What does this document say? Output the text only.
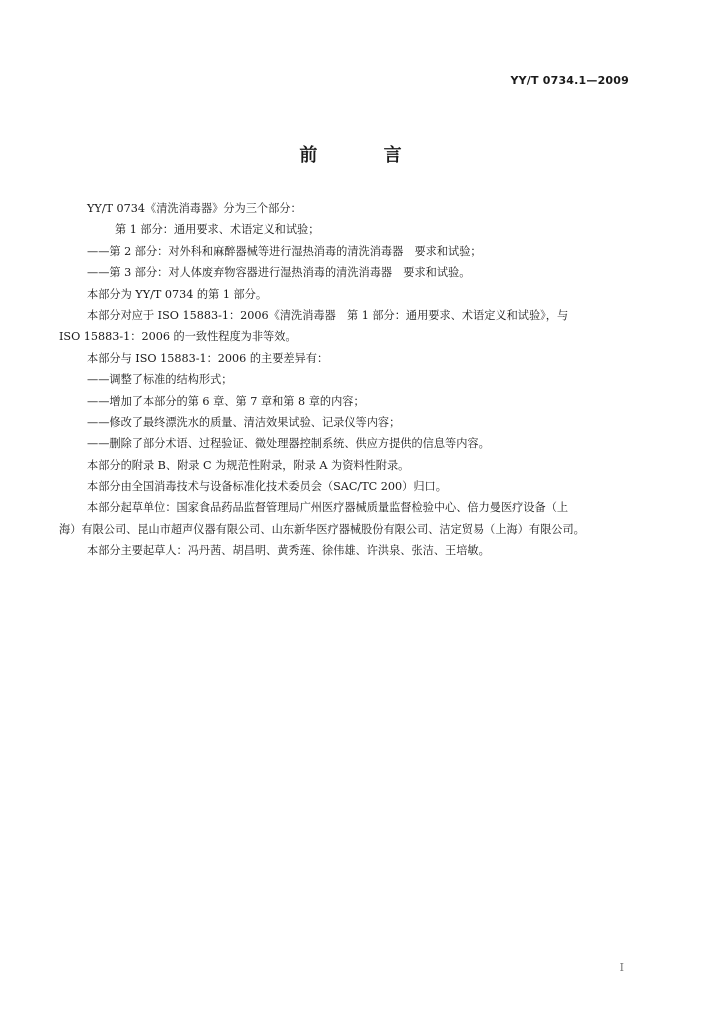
YY/T 0734.1—2009
前 言
YY/T 0734《清洗消毒器》分为三个部分：
第 1 部分：通用要求、术语定义和试验；
——第 2 部分：对外科和麻醉器械等进行湿热消毒的清洗消毒器　要求和试验；
——第 3 部分：对人体废弃物容器进行湿热消毒的清洗消毒器　要求和试验。
本部分为 YY/T 0734 的第 1 部分。
本部分对应于 ISO 15883-1：2006《清洗消毒器　第 1 部分：通用要求、术语定义和试验》，与
ISO 15883-1：2006 的一致性程度为非等效。
本部分与 ISO 15883-1：2006 的主要差异有：
——调整了标准的结构形式；
——增加了本部分的第 6 章、第 7 章和第 8 章的内容；
——修改了最终漂洗水的质量、清洁效果试验、记录仪等内容；
——删除了部分术语、过程验证、微处理器控制系统、供应方提供的信息等内容。
本部分的附录 B、附录 C 为规范性附录，附录 A 为资料性附录。
本部分由全国消毒技术与设备标准化技术委员会（SAC/TC 200）归口。
本部分起草单位：国家食品药品监督管理局广州医疗器械质量监督检验中心、倍力曼医疗设备（上
海）有限公司、昆山市超声仪器有限公司、山东新华医疗器械股份有限公司、洁定贸易（上海）有限公司。
本部分主要起草人：冯丹茜、胡昌明、黄秀莲、徐伟雄、许洪泉、张洁、王培敏。
I
